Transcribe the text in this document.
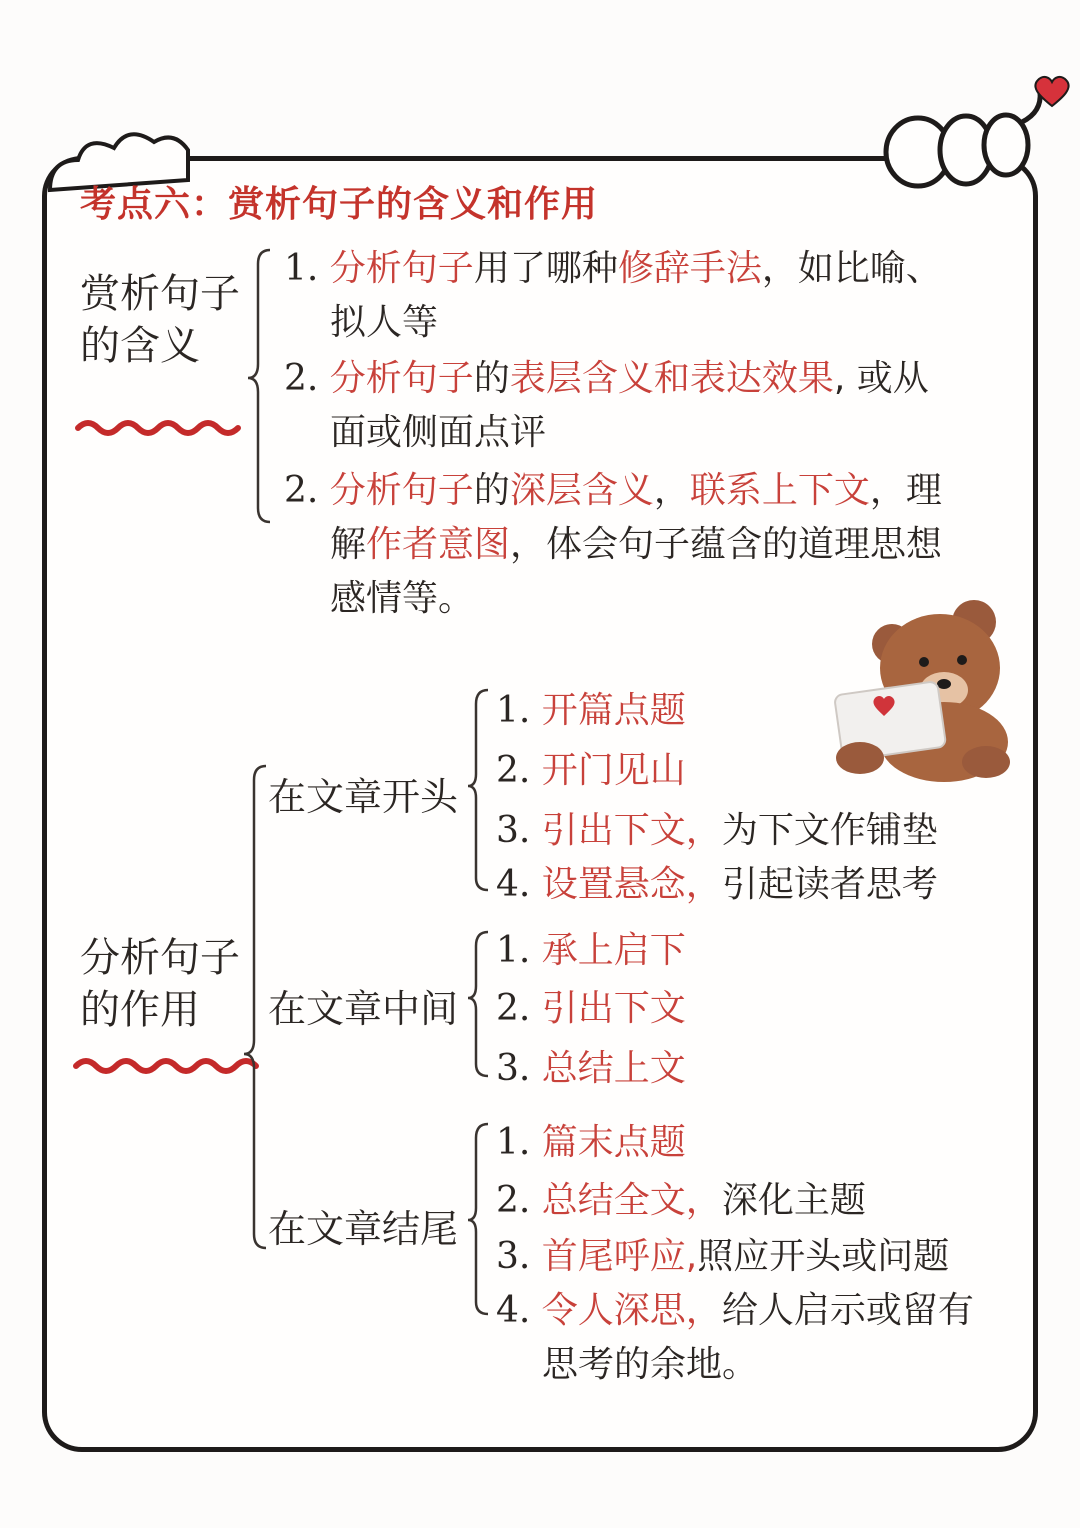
考点六：赏析句子的含义和作用
赏析句子
的含义
1. 分析句子用了哪种修辞手法，如比喻、
拟人等
2. 分析句子的表层含义和表达效果, 或从
面或侧面点评
2. 分析句子的深层含义，联系上下文，理
解作者意图，体会句子蕴含的道理思想
感情等。
分析句子
的作用
在文章开头
1. 开篇点题
2. 开门见山
3. 引出下文，为下文作铺垫
4. 设置悬念，引起读者思考
在文章中间
1. 承上启下
2. 引出下文
3. 总结上文
在文章结尾
1. 篇末点题
2. 总结全文，深化主题
3. 首尾呼应,照应开头或问题
4. 令人深思，给人启示或留有
思考的余地。
